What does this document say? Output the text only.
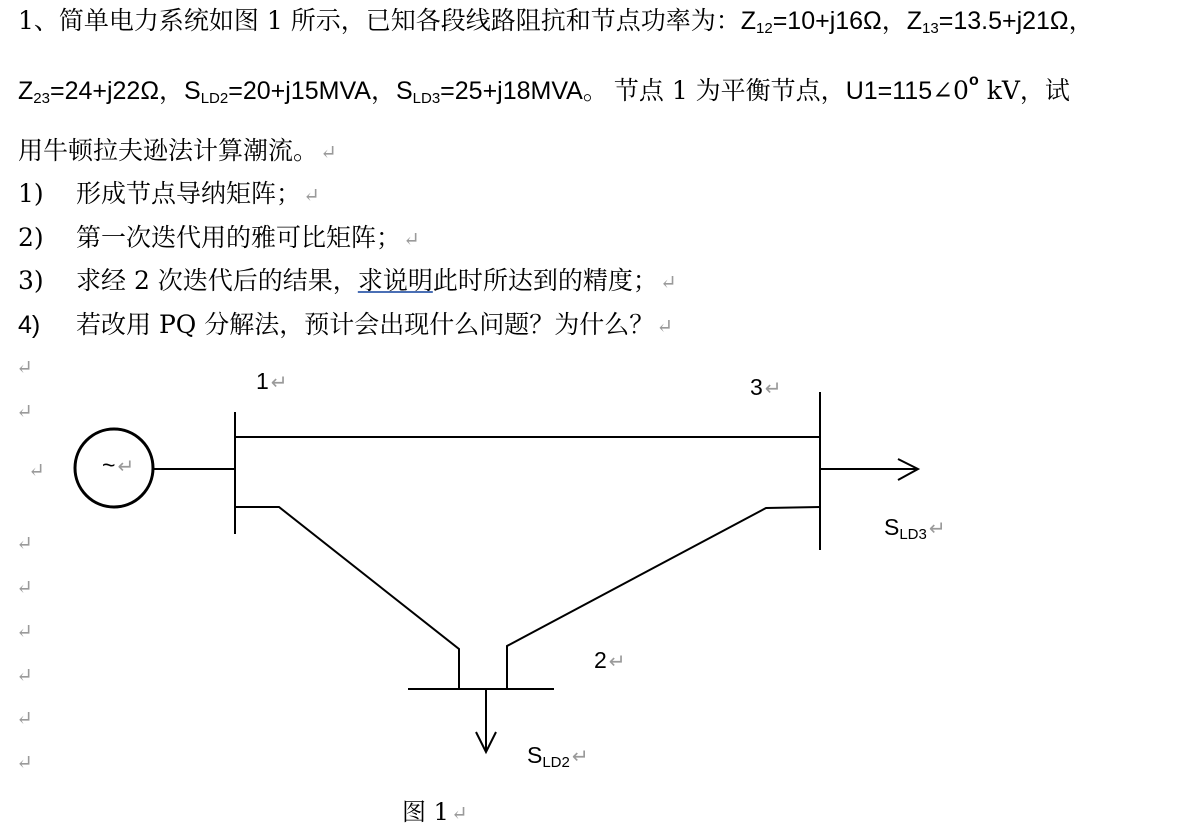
1、简单电力系统如图 1 所示，已知各段线路阻抗和节点功率为：$Z_{12}=10+j16\Omega$，$Z_{13}=13.5+j21\Omega$，
$Z_{23}=24+j22\Omega$，$S_{LD2}=20+j15MVA$，$S_{LD3}=25+j18MVA$。 节点 1 为平衡节点，$U1=115\angle 0^o$ kV，试
用牛顿拉夫逊法计算潮流。 ↵
1) 形成节点导纳矩阵； ↵
2) 第一次迭代用的雅可比矩阵； ↵
3) 求经 2 次迭代后的结果，求说明此时所达到的精度； ↵
4) 若改用 PQ 分解法，预计会出现什么问题？为什么？ ↵
↵
↵
↵
↵
↵
↵
↵
↵
↵
~ ↵
1 ↵	3 ↵
2 ↵
$S_{LD3}$ ↵
$S_{LD2}$ ↵
图 1 ↵
